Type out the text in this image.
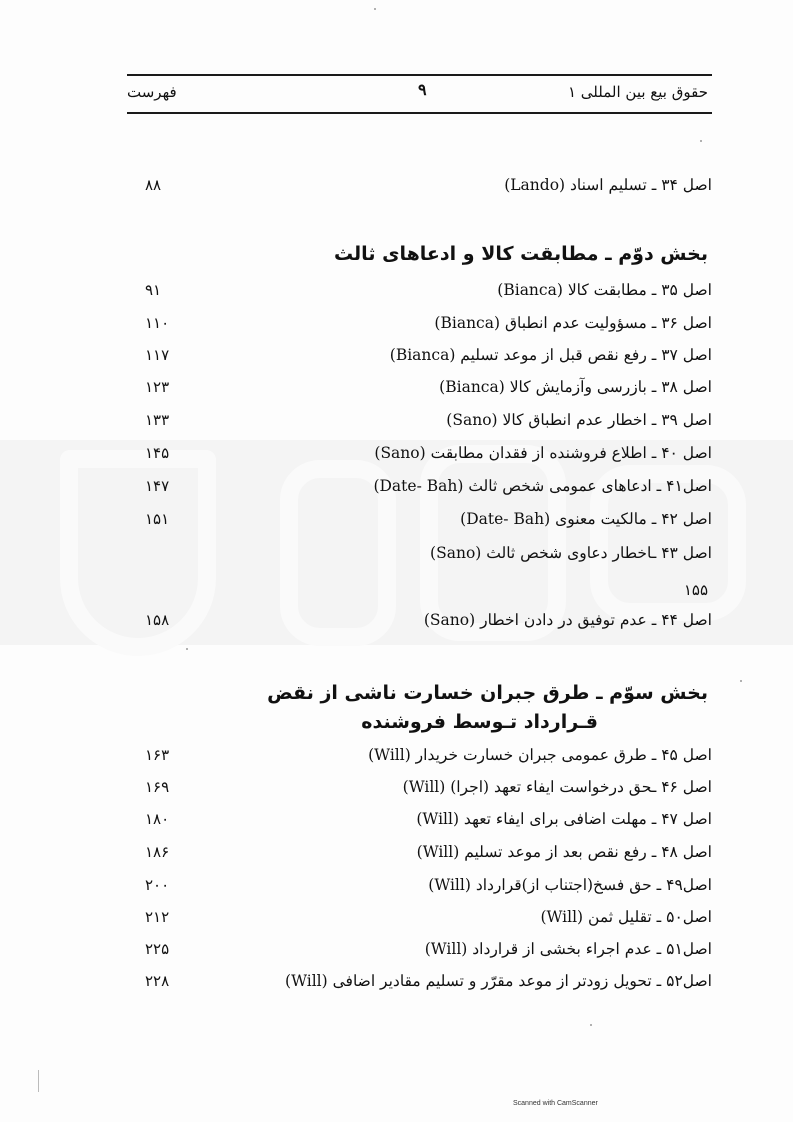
حقوق بیع بین المللی ۱
۹
فهرست
اصل ۳۴ ـ تسلیم اسناد (Lando)
۸۸
بخش دوّم ـ مطابقت کالا و ادعاهای ثالث
اصل ۳۵ ـ مطابقت کالا (Bianca)
۹۱
اصل ۳۶ ـ مسؤولیت عدم انطباق (Bianca)
۱۱۰
اصل ۳۷ ـ رفع نقص قبل از موعد تسلیم (Bianca)
۱۱۷
اصل ۳۸ ـ بازرسی وآزمایش کالا (Bianca)
۱۲۳
اصل ۳۹ ـ اخطار عدم انطباق کالا (Sano)
۱۳۳
اصل ۴۰ ـ اطلاع فروشنده از فقدان مطابقت (Sano)
۱۴۵
اصل۴۱ ـ ادعاهای عمومی شخص ثالث (Date- Bah)
۱۴۷
اصل ۴۲ ـ مالکیت معنوی (Date- Bah)
۱۵۱
اصل ۴۳ ـاخطار دعاوی شخص ثالث (Sano)
۱۵۵
اصل ۴۴ ـ عدم توفیق در دادن اخطار (Sano)
۱۵۸
بخش سوّم ـ طرق جبران خسارت ناشی از نقض
قـرارداد تـوسط فروشنده
اصل ۴۵ ـ طرق عمومی جبران خسارت خریدار (Will)
۱۶۳
اصل ۴۶ ـحق درخواست ایفاء تعهد (اجرا) (Will)
۱۶۹
اصل ۴۷ ـ مهلت اضافی برای ایفاء تعهد (Will)
۱۸۰
اصل ۴۸ ـ رفع نقص بعد از موعد تسلیم (Will)
۱۸۶
اصل۴۹ ـ حق فسخ(اجتناب از)قرارداد (Will)
۲۰۰
اصل۵۰ ـ تقلیل ثمن (Will)
۲۱۲
اصل۵۱ ـ عدم اجراء بخشی از قرارداد (Will)
۲۲۵
اصل۵۲ ـ تحویل زودتر از موعد مقرّر و تسلیم مقادیر اضافی (Will)
۲۲۸
Scanned with CamScanner
